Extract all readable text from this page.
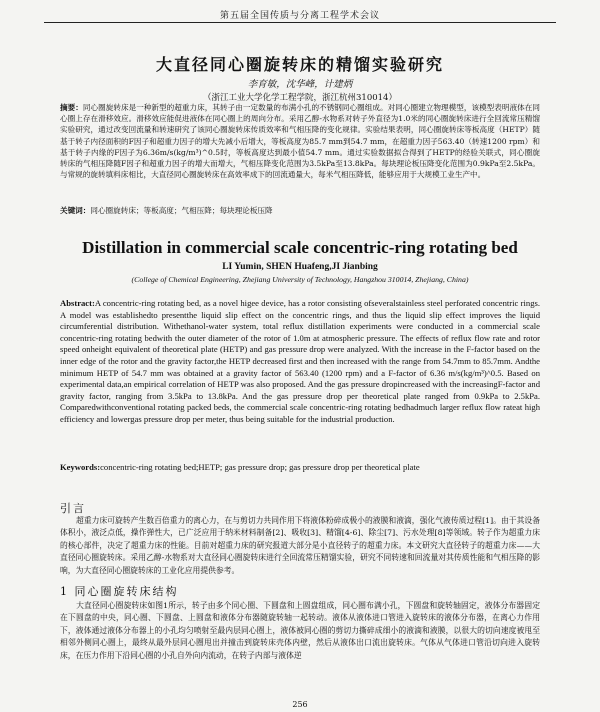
第五届全国传质与分离工程学术会议
大直径同心圈旋转床的精馏实验研究
李育敏，沈华峰，计建炳
（浙江工业大学化学工程学院，浙江杭州310014）

摘要：同心圈旋转床是一种新型的超重力床，其转子由一定数量的布满小孔的不锈钢同心圈组成。对同心圈建立物理模型，该模型表明液体在同心圈上存在滑移效应。滑移效应能促进液体在同心圈上的周向分布。采用乙醇-水物系对转子外直径为1.0米的同心圈旋转床进行全回流常压精馏实验研究，通过改变回流量和转速研究了该同心圈旋转床传质效率和气相压降的变化规律。实验结果表明，同心圈旋转床等板高度（HETP）随基于转子内径面积的F因子和超重力因子的增大先减小后增大，等板高度为85.7 mm到54.7 mm，在超重力因子563.40（转速1200 rpm）和基于转子内缘的F因子为6.36m/s(kg/m³)^0.5时，等板高度达到最小值54.7 mm。通过实验数据拟合得到了HETP的经验关联式，同心圈旋转床的气相压降随F因子和超重力因子的增大而增大，气相压降变化范围为3.5kPa至13.8kPa。每块理论板压降变化范围为0.9kPa至2.5kPa。与常规的旋转填料床相比，大直径同心圈旋转床在高效率成下的回流通量大，每米气相压降低，能够应用于大规模工业生产中。

关键词：同心圈旋转床；等板高度；气相压降；每块理论板压降

Distillation in commercial scale concentric-ring rotating bed
LI Yumin, SHEN Huafeng,JI Jianbing
(College of Chemical Engineering, Zhejiang University of Technology, Hangzhou 310014, Zhejiang, China)

Abstract:A concentric-ring rotating bed, as a novel higee device, has a rotor consisting ofseveralstainless steel perforated concentric rings. A model was establishedto presentthe liquid slip effect on the concentric rings, and thus the liquid slip effect improves the liquid circumferential distribution. Withethanol-water system, total reflux distillation experiments were conducted in a commercial scale concentric-ring rotating bedwith the outer diameter of the rotor of 1.0m at atmospheric pressure. The effects of reflux flow rate and rotor speed onheight equivalent of theoretical plate (HETP) and gas pressure drop were analyzed. With the increase in the F-factor based on the inner edge of the rotor and the gravity factor,the HETP decreased first and then increased with the range from 54.7mm to 85.7mm. Andthe minimum HETP of 54.7 mm was obtained at a gravity factor of 563.40 (1200 rpm) and a F-factor of 6.36 m/s(kg/m³)^0.5. Based on experimental data,an empirical correlation of HETP was also proposed. And the gas pressure dropincreased with the increasingF-factor and gravity factor, ranging from 3.5kPa to 13.8kPa. And the gas pressure drop per theoretical plate ranged from 0.9kPa to 2.5kPa. Comparedwithconventional rotating packed beds, the commercial scale concentric-ring rotating bedhadmuch larger reflux flow rateat high efficiency and lowergas pressure drop per meter, thus being suitable for the industrial production.

Keywords:concentric-ring rotating bed;HETP; gas pressure drop; gas pressure drop per theoretical plate

引言

超重力床可旋转产生数百倍重力的离心力，在与剪切力共同作用下将液体粉碎成极小的液膜和液滴，强化气液传质过程[1]。由于其设备体积小，液泛点低，操作弹性大，已广泛应用于纳米材料制备[2]、吸收[3]、精馏[4-6]、除尘[7]、污水处理[8]等领域。转子作为超重力床的核心部件，决定了超重力床的性能。目前对超重力床的研究报道大部分是小直径转子的超重力床。本文研究大直径转子的超重力床——大直径同心圈旋转床。采用乙醇-水物系对大直径同心圈旋转床进行全回流常压精馏实验，研究不同转速和回流量对其传质性能和气相压降的影响，为大直径同心圈旋转床的工业化应用提供参考。

1 同心圈旋转床结构

大直径同心圈旋转床如图1所示，转子由多个同心圈、下圆盘和上圆盘组成，同心圈布满小孔，下圆盘和旋转轴固定，液体分布器固定在下圆盘的中央，同心圈、下圆盘、上圆盘和液体分布器随旋转轴一起转动。液体从液体进口管进入旋转床的液体分布器，在离心力作用下，液体通过液体分布器上的小孔均匀喷射至最内层同心圈上，液体被同心圈的剪切力撕碎成细小的液滴和液膜，以很大的切向速度被甩至相邻外侧同心圈上，最终从最外层同心圈甩出并撞击到旋转床壳体内壁，然后从液体出口流出旋转床。气体从气体进口管沿切向进入旋转床，在压力作用下沿同心圈的小孔自外向内流动，在转子内部与液体逆

256
